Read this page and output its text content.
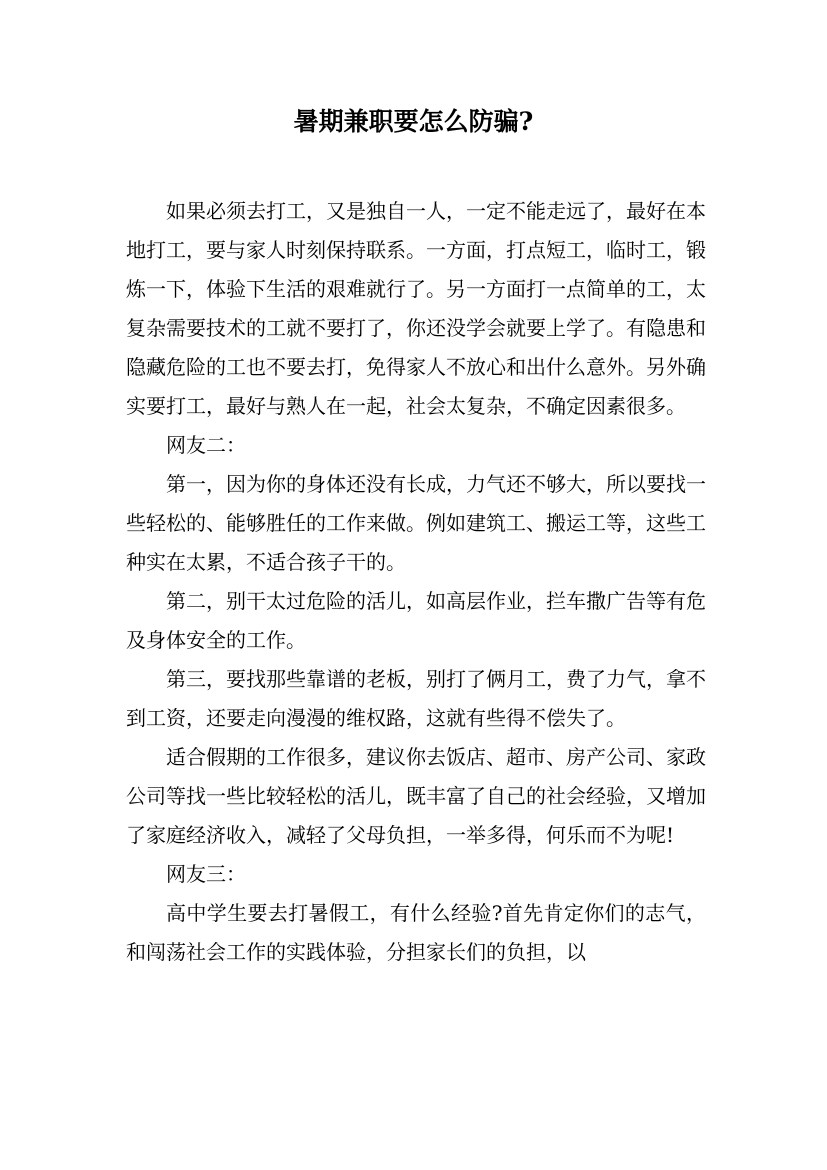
暑期兼职要怎么防骗?

如果必须去打工，又是独自一人，一定不能走远了，最好在本地打工，要与家人时刻保持联系。一方面，打点短工，临时工，锻炼一下，体验下生活的艰难就行了。另一方面打一点简单的工，太复杂需要技术的工就不要打了，你还没学会就要上学了。有隐患和隐藏危险的工也不要去打，免得家人不放心和出什么意外。另外确实要打工，最好与熟人在一起，社会太复杂，不确定因素很多。

网友二：

第一，因为你的身体还没有长成，力气还不够大，所以要找一些轻松的、能够胜任的工作来做。例如建筑工、搬运工等，这些工种实在太累，不适合孩子干的。

第二，别干太过危险的活儿，如高层作业，拦车撒广告等有危及身体安全的工作。

第三，要找那些靠谱的老板，别打了俩月工，费了力气，拿不到工资，还要走向漫漫的维权路，这就有些得不偿失了。

适合假期的工作很多，建议你去饭店、超市、房产公司、家政公司等找一些比较轻松的活儿，既丰富了自己的社会经验，又增加了家庭经济收入，减轻了父母负担，一举多得，何乐而不为呢!

网友三：

高中学生要去打暑假工，有什么经验?首先肯定你们的志气，和闯荡社会工作的实践体验，分担家长们的负担，以
